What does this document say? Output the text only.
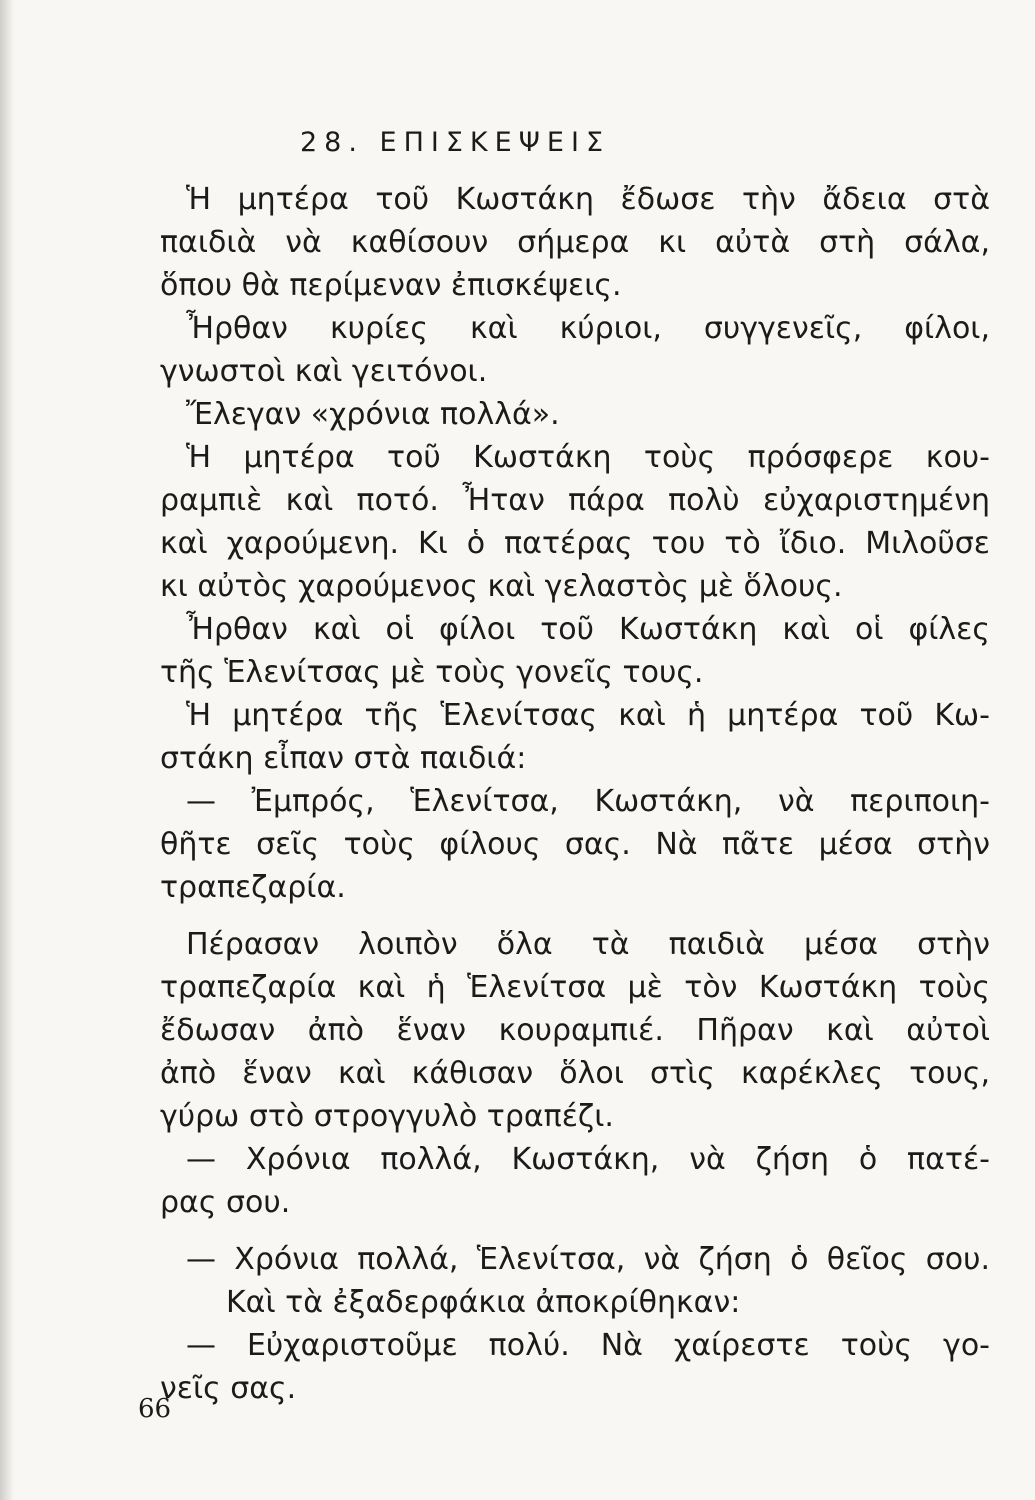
28. ΕΠΙΣΚΕΨΕΙΣ
Ἡ μητέρα τοῦ Κωστάκη ἔδωσε τὴν ἄδεια στὰ
παιδιὰ νὰ καθίσουν σήμερα κι αὐτὰ στὴ σάλα,
ὅπου θὰ περίμεναν ἐπισκέψεις.
Ἦρθαν κυρίες καὶ κύριοι, συγγενεῖς, φίλοι,
γνωστοὶ καὶ γειτόνοι.
Ἔλεγαν «χρόνια πολλά».
Ἡ μητέρα τοῦ Κωστάκη τοὺς πρόσφερε κου-
ραμπιὲ καὶ ποτό. Ἦταν πάρα πολὺ εὐχαριστημένη
καὶ χαρούμενη. Κι ὁ πατέρας του τὸ ἴδιο. Μιλοῦσε
κι αὐτὸς χαρούμενος καὶ γελαστὸς μὲ ὅλους.
Ἦρθαν καὶ οἱ φίλοι τοῦ Κωστάκη καὶ οἱ φίλες
τῆς Ἑλενίτσας μὲ τοὺς γονεῖς τους.
Ἡ μητέρα τῆς Ἑλενίτσας καὶ ἡ μητέρα τοῦ Κω-
στάκη εἶπαν στὰ παιδιά:
— Ἐμπρός, Ἑλενίτσα, Κωστάκη, νὰ περιποιη-
θῆτε σεῖς τοὺς φίλους σας. Νὰ πᾶτε μέσα στὴν
τραπεζαρία.
Πέρασαν λοιπὸν ὅλα τὰ παιδιὰ μέσα στὴν
τραπεζαρία καὶ ἡ Ἑλενίτσα μὲ τὸν Κωστάκη τοὺς
ἔδωσαν ἀπὸ ἕναν κουραμπιέ. Πῆραν καὶ αὐτοὶ
ἀπὸ ἕναν καὶ κάθισαν ὅλοι στὶς καρέκλες τους,
γύρω στὸ στρογγυλὸ τραπέζι.
— Χρόνια πολλά, Κωστάκη, νὰ ζήση ὁ πατέ-
ρας σου.
— Χρόνια πολλά, Ἑλενίτσα, νὰ ζήση ὁ θεῖος σου.
Καὶ τὰ ἐξαδερφάκια ἀποκρίθηκαν:
— Εὐχαριστοῦμε πολύ. Νὰ χαίρεστε τοὺς γο-
νεῖς σας.
66
